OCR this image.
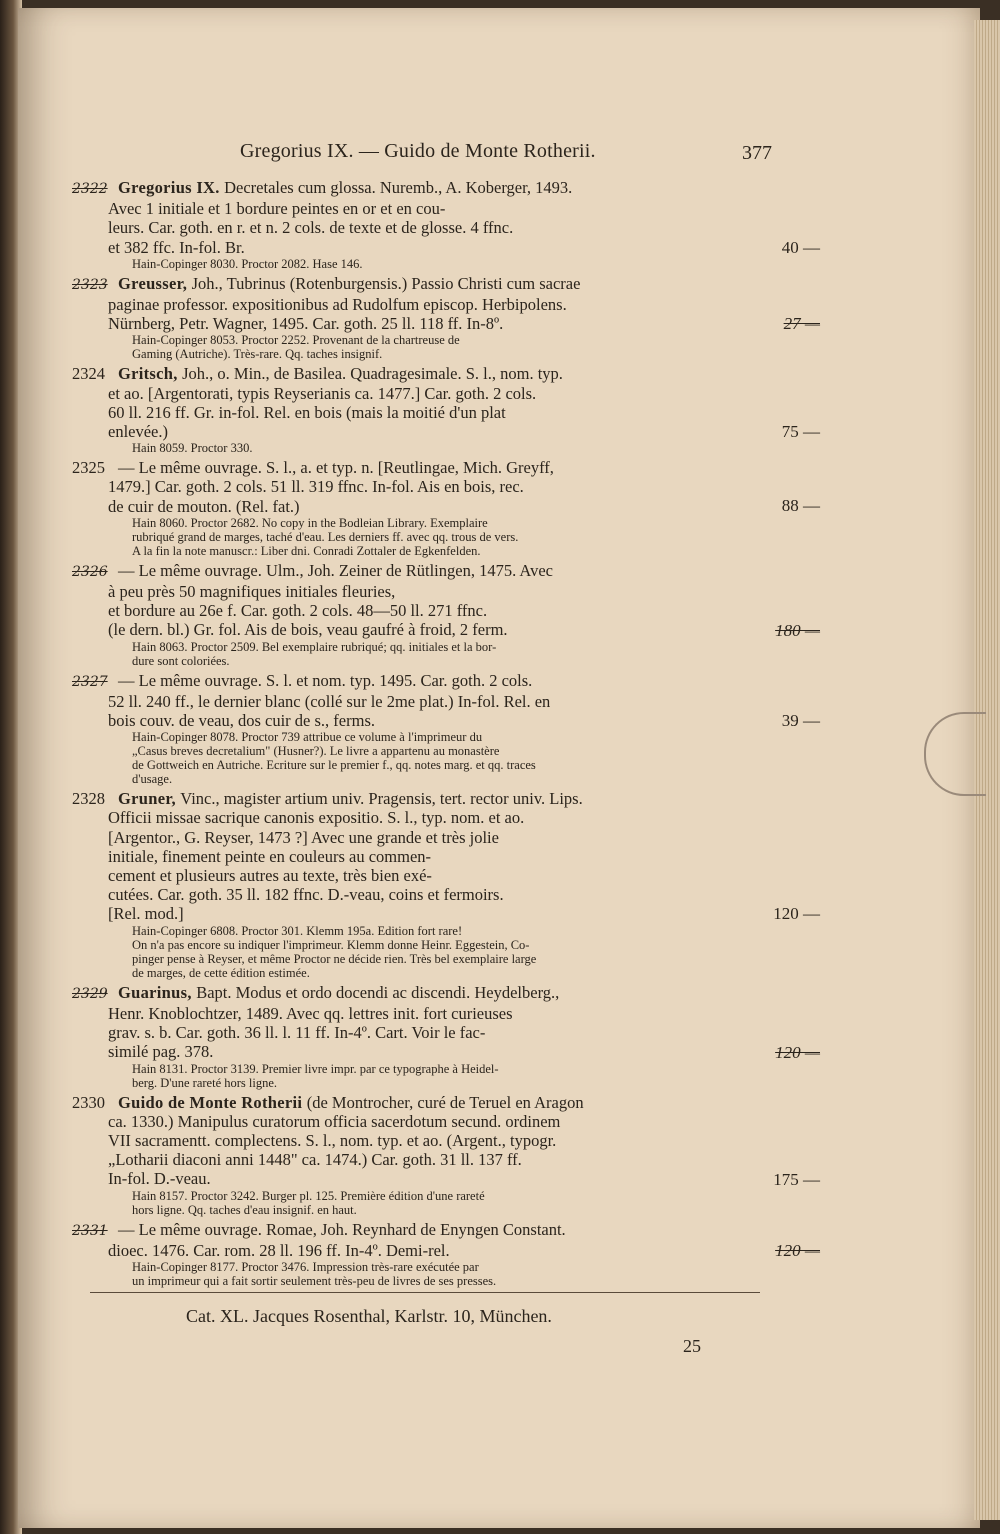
Gregorius IX. — Guido de Monte Rotherii.	377
2322 Gregorius IX. Decretales cum glossa. Nuremb., A. Koberger, 1493.
Avec 1 initiale et 1 bordure peintes en or et en cou-
leurs. Car. goth. en r. et n. 2 cols. de texte et de glosse. 4 ffnc.
et 382 ffc. In-fol. Br.
Hain-Copinger 8030. Proctor 2082. Hase 146.
40 —
2323 Greusser, Joh., Tubrinus (Rotenburgensis.) Passio Christi cum sacrae
paginae professor. expositionibus ad Rudolfum episcop. Herbipolens.
Nürnberg, Petr. Wagner, 1495. Car. goth. 25 ll. 118 ff. In-8º.
Hain-Copinger 8053. Proctor 2252. Provenant de la chartreuse de
Gaming (Autriche). Très-rare. Qq. taches insignif.
27 —
2324 Gritsch, Joh., o. Min., de Basilea. Quadragesimale. S. l., nom. typ.
et ao. [Argentorati, typis Reyserianis ca. 1477.] Car. goth. 2 cols.
60 ll. 216 ff. Gr. in-fol. Rel. en bois (mais la moitié d'un plat
enlevée.)
Hain 8059. Proctor 330.
75 —
2325 — Le même ouvrage. S. l., a. et typ. n. [Reutlingae, Mich. Greyff,
1479.] Car. goth. 2 cols. 51 ll. 319 ffnc. In-fol. Ais en bois, rec.
de cuir de mouton. (Rel. fat.)
Hain 8060. Proctor 2682. No copy in the Bodleian Library. Exemplaire
rubriqué grand de marges, taché d'eau. Les derniers ff. avec qq. trous de vers.
A la fin la note manuscr.: Liber dni. Conradi Zottaler de Egkenfelden.
88 —
2326 — Le même ouvrage. Ulm., Joh. Zeiner de Rütlingen, 1475. Avec
à peu près 50 magnifiques initiales fleuries,
et bordure au 26e f. Car. goth. 2 cols. 48—50 ll. 271 ffnc.
(le dern. bl.) Gr. fol. Ais de bois, veau gaufré à froid, 2 ferm.
Hain 8063. Proctor 2509. Bel exemplaire rubriqué; qq. initiales et la bor-
dure sont coloriées.
180 —
2327 — Le même ouvrage. S. l. et nom. typ. 1495. Car. goth. 2 cols.
52 ll. 240 ff., le dernier blanc (collé sur le 2me plat.) In-fol. Rel. en
bois couv. de veau, dos cuir de s., ferms.
Hain-Copinger 8078. Proctor 739 attribue ce volume à l'imprimeur du
„Casus breves decretalium" (Husner?). Le livre a appartenu au monastère
de Gottweich en Autriche. Ecriture sur le premier f., qq. notes marg. et qq. traces
d'usage.
39 —
2328 Gruner, Vinc., magister artium univ. Pragensis, tert. rector univ. Lips.
Officii missae sacrique canonis expositio. S. l., typ. nom. et ao.
[Argentor., G. Reyser, 1473 ?] Avec une grande et très jolie
initiale, finement peinte en couleurs au commen-
cement et plusieurs autres au texte, très bien exé-
cutées. Car. goth. 35 ll. 182 ffnc. D.-veau, coins et fermoirs.
[Rel. mod.]
Hain-Copinger 6808. Proctor 301. Klemm 195a. Edition fort rare!
On n'a pas encore su indiquer l'imprimeur. Klemm donne Heinr. Eggestein, Co-
pinger pense à Reyser, et même Proctor ne décide rien. Très bel exemplaire large
de marges, de cette édition estimée.
120 —
2329 Guarinus, Bapt. Modus et ordo docendi ac discendi. Heydelberg.,
Henr. Knoblochtzer, 1489. Avec qq. lettres init. fort curieuses
grav. s. b. Car. goth. 36 ll. l. 11 ff. In-4º. Cart. Voir le fac-
similé pag. 378.
Hain 8131. Proctor 3139. Premier livre impr. par ce typographe à Heidel-
berg. D'une rareté hors ligne.
120 —
2330 Guido de Monte Rotherii (de Montrocher, curé de Teruel en Aragon
ca. 1330.) Manipulus curatorum officia sacerdotum secund. ordinem
VII sacramentt. complectens. S. l., nom. typ. et ao. (Argent., typogr.
„Lotharii diaconi anni 1448" ca. 1474.) Car. goth. 31 ll. 137 ff.
In-fol. D.-veau.
Hain 8157. Proctor 3242. Burger pl. 125. Première édition d'une rareté
hors ligne. Qq. taches d'eau insignif. en haut.
175 —
2331 — Le même ouvrage. Romae, Joh. Reynhard de Enyngen Constant.
dioec. 1476. Car. rom. 28 ll. 196 ff. In-4º. Demi-rel.
Hain-Copinger 8177. Proctor 3476. Impression très-rare exécutée par
un imprimeur qui a fait sortir seulement très-peu de livres de ses presses.
120 —
Cat. XL. Jacques Rosenthal, Karlstr. 10, München.
25
